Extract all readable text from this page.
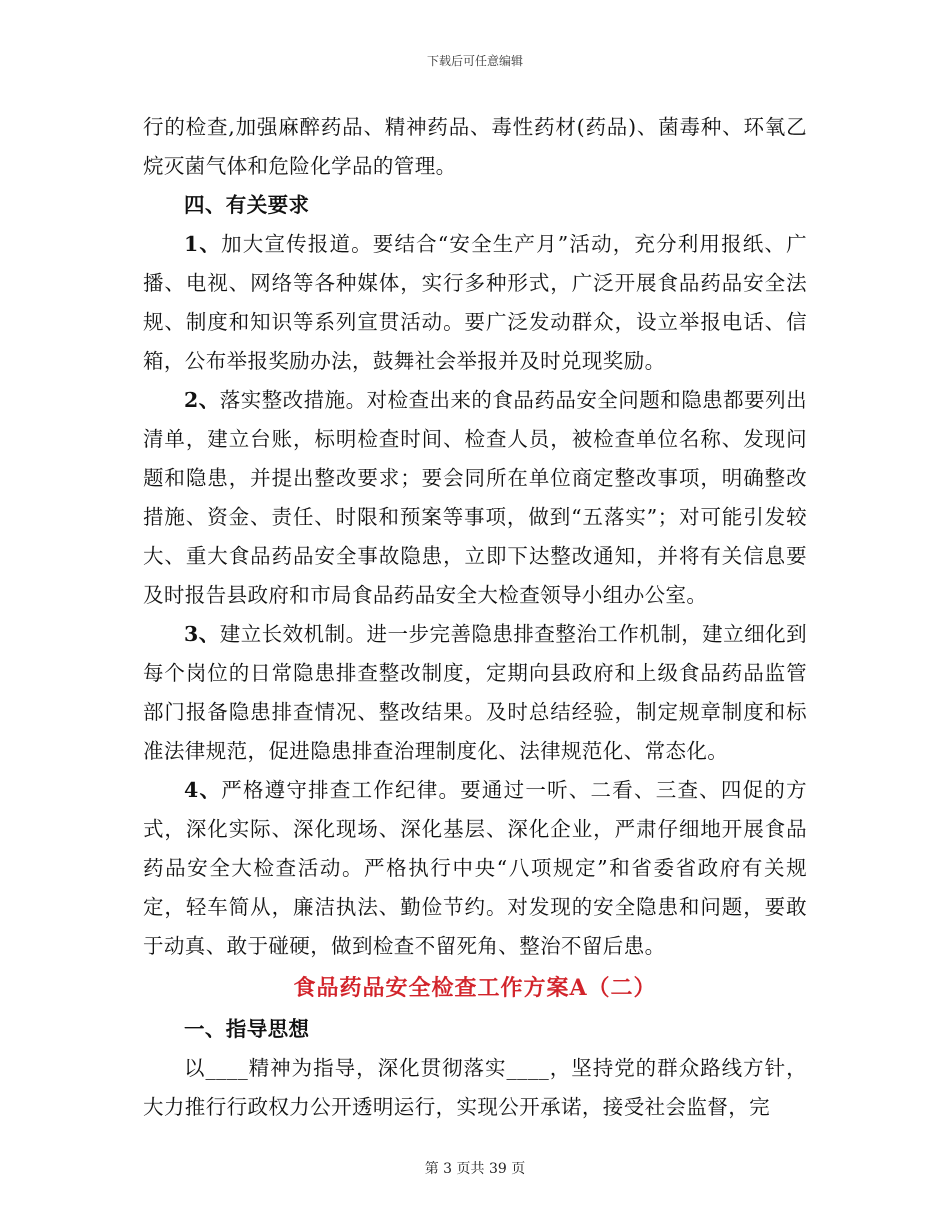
下载后可任意编辑

行的检查,加强麻醉药品、精神药品、毒性药材(药品)、菌毒种、环氧乙烷灭菌气体和危险化学品的管理。

四、有关要求

1、加大宣传报道。要结合“安全生产月”活动，充分利用报纸、广播、电视、网络等各种媒体，实行多种形式，广泛开展食品药品安全法规、制度和知识等系列宣贯活动。要广泛发动群众，设立举报电话、信箱，公布举报奖励办法，鼓舞社会举报并及时兑现奖励。

2、落实整改措施。对检查出来的食品药品安全问题和隐患都要列出清单，建立台账，标明检查时间、检查人员，被检查单位名称、发现问题和隐患，并提出整改要求；要会同所在单位商定整改事项，明确整改措施、资金、责任、时限和预案等事项，做到“五落实”；对可能引发较大、重大食品药品安全事故隐患，立即下达整改通知，并将有关信息要及时报告县政府和市局食品药品安全大检查领导小组办公室。

3、建立长效机制。进一步完善隐患排查整治工作机制，建立细化到每个岗位的日常隐患排查整改制度，定期向县政府和上级食品药品监管部门报备隐患排查情况、整改结果。及时总结经验，制定规章制度和标准法律规范，促进隐患排查治理制度化、法律规范化、常态化。

4、严格遵守排查工作纪律。要通过一听、二看、三查、四促的方式，深化实际、深化现场、深化基层、深化企业，严肃仔细地开展食品药品安全大检查活动。严格执行中央“八项规定”和省委省政府有关规定，轻车简从，廉洁执法、勤俭节约。对发现的安全隐患和问题，要敢于动真、敢于碰硬，做到检查不留死角、整治不留后患。

食品药品安全检查工作方案A（二）

一、指导思想

以____精神为指导，深化贯彻落实____，坚持党的群众路线方针，大力推行行政权力公开透明运行，实现公开承诺，接受社会监督，完

第 3 页共 39 页
